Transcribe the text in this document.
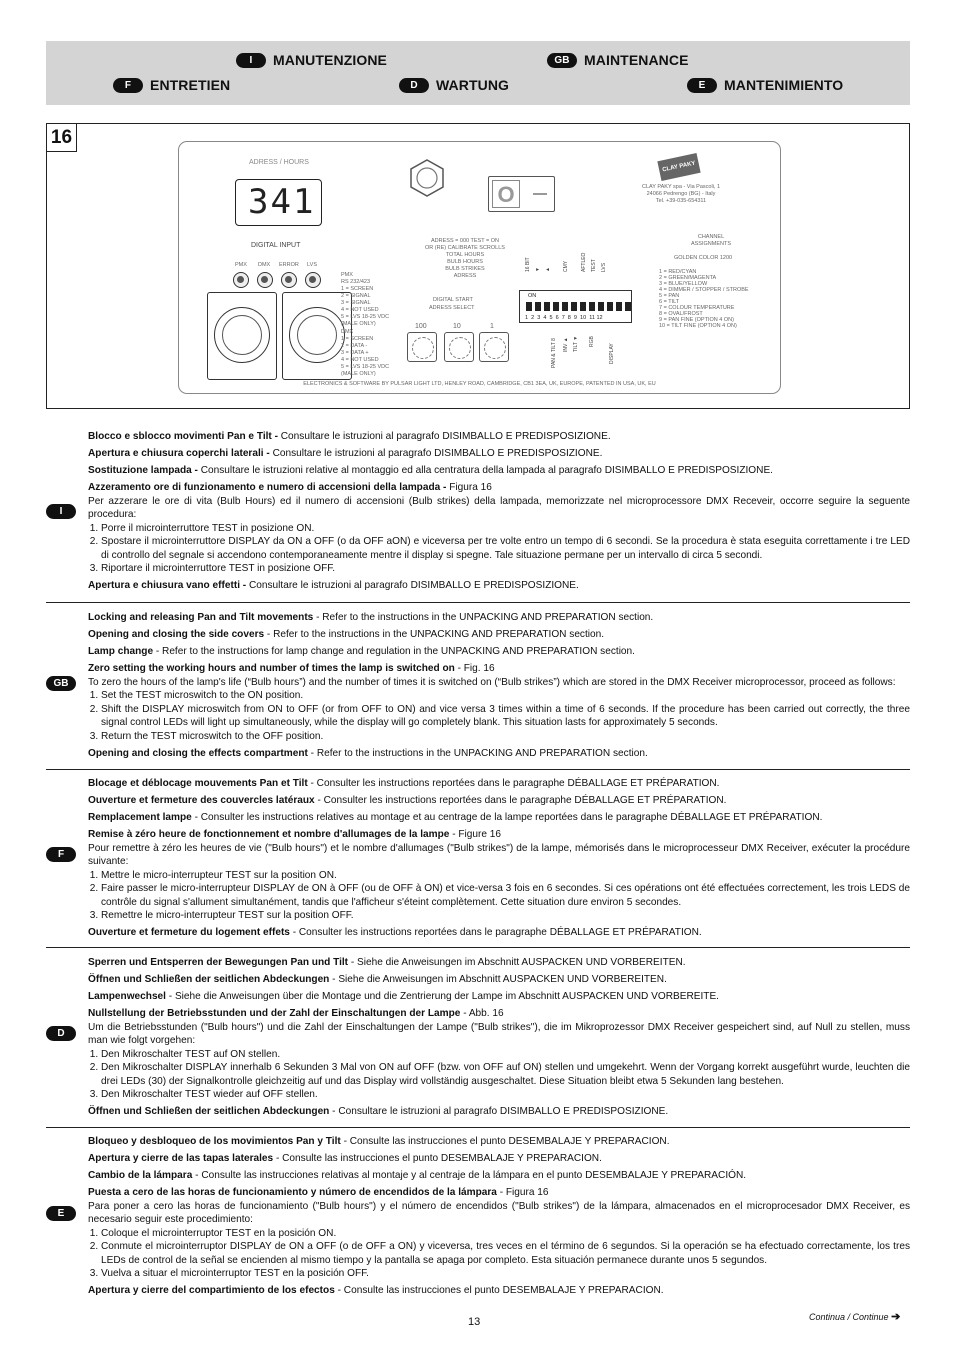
I	MANUTENZIONE	GB	MAINTENANCE
F	ENTRETIEN	D	WARTUNG	E	MANTENIMIENTO
16
ADRESS / HOURS
341
DIGITAL INPUT
PMX DMX ERROR LVS
PMX
RS 232/423
1 = SCREEN
2 = SIGNAL
3 = SIGNAL
4 = NOT USED
5 = LVS 18-25 VDC
(MALE ONLY)
DMX
1 = SCREEN
2 = DATA -
3 = DATA +
4 = NOT USED
5 = LVS 18-25 VDC
(MALE ONLY)
O
ADRESS = 000 TEST = ON
OR (RE) CALIBRATE SCROLLS
TOTAL HOURS
BULB HOURS
BULB STRIKES
ADRESS
DIGITAL START
ADRESS SELECT
100	10	1
16 BIT ▼ ▲ CMY AFTLEO TEST LVS
ON
1  2  3  4  5  6  7  8  9  10  11 12
PAN & TILT 8 INV ▲ TILT ▼ RGB
DISPLAY
CLAY PAKY
CLAY PAKY spa - Via Pascoli, 1
24066 Pedrengo (BG) - Italy
Tel. +39-035-654311
CHANNEL
ASSIGNMENTS
GOLDEN COLOR 1200
1 = RED/CYAN
2 = GREEN/MAGENTA
3 = BLUE/YELLOW
4 = DIMMER / STOPPER / STROBE
5 = PAN
6 = TILT
7 = COLOUR TEMPERATURE
8 = OVAL/FROST
9 = PAN FINE (OPTION 4 ON)
10 = TILT FINE (OPTION 4 ON)
ELECTRONICS & SOFTWARE BY PULSAR LIGHT LTD, HENLEY ROAD, CAMBRIDGE, CB1 3EA, UK, EUROPE, PATENTED IN USA, UK, EU
I

Blocco e sblocco movimenti Pan e Tilt - Consultare le istruzioni al paragrafo DISIMBALLO E PREDISPOSIZIONE.

Apertura e chiusura coperchi laterali - Consultare le istruzioni al paragrafo DISIMBALLO E PREDISPOSIZIONE.

Sostituzione lampada - Consultare le istruzioni relative al montaggio ed alla centratura della lampada al paragrafo DISIMBALLO E PREDISPOSIZIONE.

Azzeramento ore di funzionamento e numero di accensioni della lampada - Figura 16

Per azzerare le ore di vita (Bulb Hours) ed il numero di accensioni (Bulb strikes) della lampada, memorizzate nel microprocessore DMX Receveir, occorre seguire la seguente procedura:

1. Porre il microinterruttore TEST in posizione ON.
2. Spostare il microinterruttore DISPLAY da ON a OFF (o da OFF aON) e viceversa per tre volte entro un tempo di 6 secondi. Se la procedura è stata eseguita correttamente i tre LED di controllo del segnale si accendono contemporaneamente mentre il display si spegne. Tale situazione permane per un intervallo di circa 5 secondi.
3. Riportare il microinterruttore TEST in posizione OFF.

Apertura e chiusura vano effetti - Consultare le istruzioni al paragrafo DISIMBALLO E PREDISPOSIZIONE.

GB

Locking and releasing Pan and Tilt movements - Refer to the instructions in the UNPACKING AND PREPARATION section.

Opening and closing the side covers - Refer to the instructions in the UNPACKING AND PREPARATION section.

Lamp change - Refer to the instructions for lamp change and regulation in the UNPACKING AND PREPARATION section.

Zero setting the working hours and number of times the lamp is switched on - Fig. 16

To zero the hours of the lamp's life (“Bulb hours”) and the number of times it is switched on (“Bulb strikes”) which are stored in the DMX Receiver microprocessor, proceed as follows:

1. Set the TEST microswitch to the ON position.
2. Shift the DISPLAY microswitch from ON to OFF (or from OFF to ON) and vice versa 3 times within a time of 6 seconds. If the procedure has been carried out correctly, the three signal control LEDs will light up simultaneously, while the display will go completely blank. This situation lasts for approximately 5 seconds.
3. Return the TEST microswitch to the OFF position.

Opening and closing the effects compartment - Refer to the instructions in the UNPACKING AND PREPARATION section.

F

Blocage et déblocage mouvements Pan et Tilt - Consulter les instructions reportées dans le paragraphe DÉBALLAGE ET PRÉPARATION.

Ouverture et fermeture des couvercles latéraux - Consulter les instructions reportées dans le paragraphe DÉBALLAGE ET PRÉPARATION.

Remplacement lampe - Consulter les instructions relatives au montage et au centrage de la lampe reportées dans le paragraphe DÉBALLAGE ET PRÉPARATION.

Remise à zéro heure de fonctionnement et nombre d'allumages de la lampe - Figure 16

Pour remettre à zéro les heures de vie ("Bulb hours") et le nombre d'allumages ("Bulb strikes") de la lampe, mémorisés dans le microprocesseur DMX Receiver, exécuter la procédure suivante:

1. Mettre le micro-interrupteur TEST sur la position ON.
2. Faire passer le micro-interrupteur DISPLAY de ON à OFF (ou de OFF à ON) et vice-versa 3 fois en 6 secondes. Si ces opérations ont été effectuées correctement, les trois LEDS de contrôle du signal s'allument simultanément, tandis que l'afficheur s'éteint complètement. Cette situation dure environ 5 secondes.
3. Remettre le micro-interrupteur TEST sur la position OFF.

Ouverture et fermeture du logement effets - Consulter les instructions reportées dans le paragraphe DÉBALLAGE ET PRÉPARATION.

D

Sperren und Entsperren der Bewegungen Pan und Tilt - Siehe die Anweisungen im Abschnitt AUSPACKEN UND VORBEREITEN.

Öffnen und Schließen der seitlichen Abdeckungen - Siehe die Anweisungen im Abschnitt AUSPACKEN UND VORBEREITEN.

Lampenwechsel - Siehe die Anweisungen über die Montage und die Zentrierung der Lampe im Abschnitt AUSPACKEN UND VORBEREITE.

Nullstellung der Betriebsstunden und der Zahl der Einschaltungen der Lampe - Abb. 16

Um die Betriebsstunden ("Bulb hours") und die Zahl der Einschaltungen der Lampe ("Bulb strikes"), die im Mikroprozessor DMX Receiver gespeichert sind, auf Null zu stellen, muss man wie folgt vorgehen:

1. Den Mikroschalter TEST auf ON stellen.
2. Den Mikroschalter DISPLAY innerhalb 6 Sekunden 3 Mal von ON auf OFF (bzw. von OFF auf ON) stellen und umgekehrt. Wenn der Vorgang korrekt ausgeführt wurde, leuchten die drei LEDs (30) der Signalkontrolle gleichzeitig auf und das Display wird vollständig ausgeschaltet. Diese Situation bleibt etwa 5 Sekunden lang bestehen.
3. Den Mikroschalter TEST wieder auf OFF stellen.

Öffnen und Schließen der seitlichen Abdeckungen - Consultare le istruzioni al paragrafo DISIMBALLO E PREDISPOSIZIONE.

E

Bloqueo y desbloqueo de los movimientos Pan y Tilt - Consulte las instrucciones el punto DESEMBALAJE Y PREPARACION.

Apertura y cierre de las tapas laterales - Consulte las instrucciones el punto DESEMBALAJE Y PREPARACION.

Cambio de la lámpara - Consulte las instrucciones relativas al montaje y al centraje de la lámpara en el punto DESEMBALAJE Y PREPARACIÓN.

Puesta a cero de las horas de funcionamiento y número de encendidos de la lámpara - Figura 16

Para poner a cero las horas de funcionamiento ("Bulb hours") y el número de encendidos ("Bulb strikes") de la lámpara, almacenados en el microprocesador DMX Receiver, es necesario seguir este procedimiento:

1. Coloque el microinterruptor TEST en la posición ON.
2. Conmute el microinterruptor DISPLAY de ON a OFF (o de OFF a ON) y viceversa, tres veces en el término de 6 segundos. Si la operación se ha efectuado correctamente, los tres LEDs de control de la señal se encienden al mismo tiempo y la pantalla se apaga por completo. Esta situación permanece durante unos 5 segundos.
3. Vuelva a situar el microinterruptor TEST en la posición OFF.

Apertura y cierre del compartimiento de los efectos - Consulte las instrucciones el punto DESEMBALAJE Y PREPARACION.

13	Continua / Continue ➔
